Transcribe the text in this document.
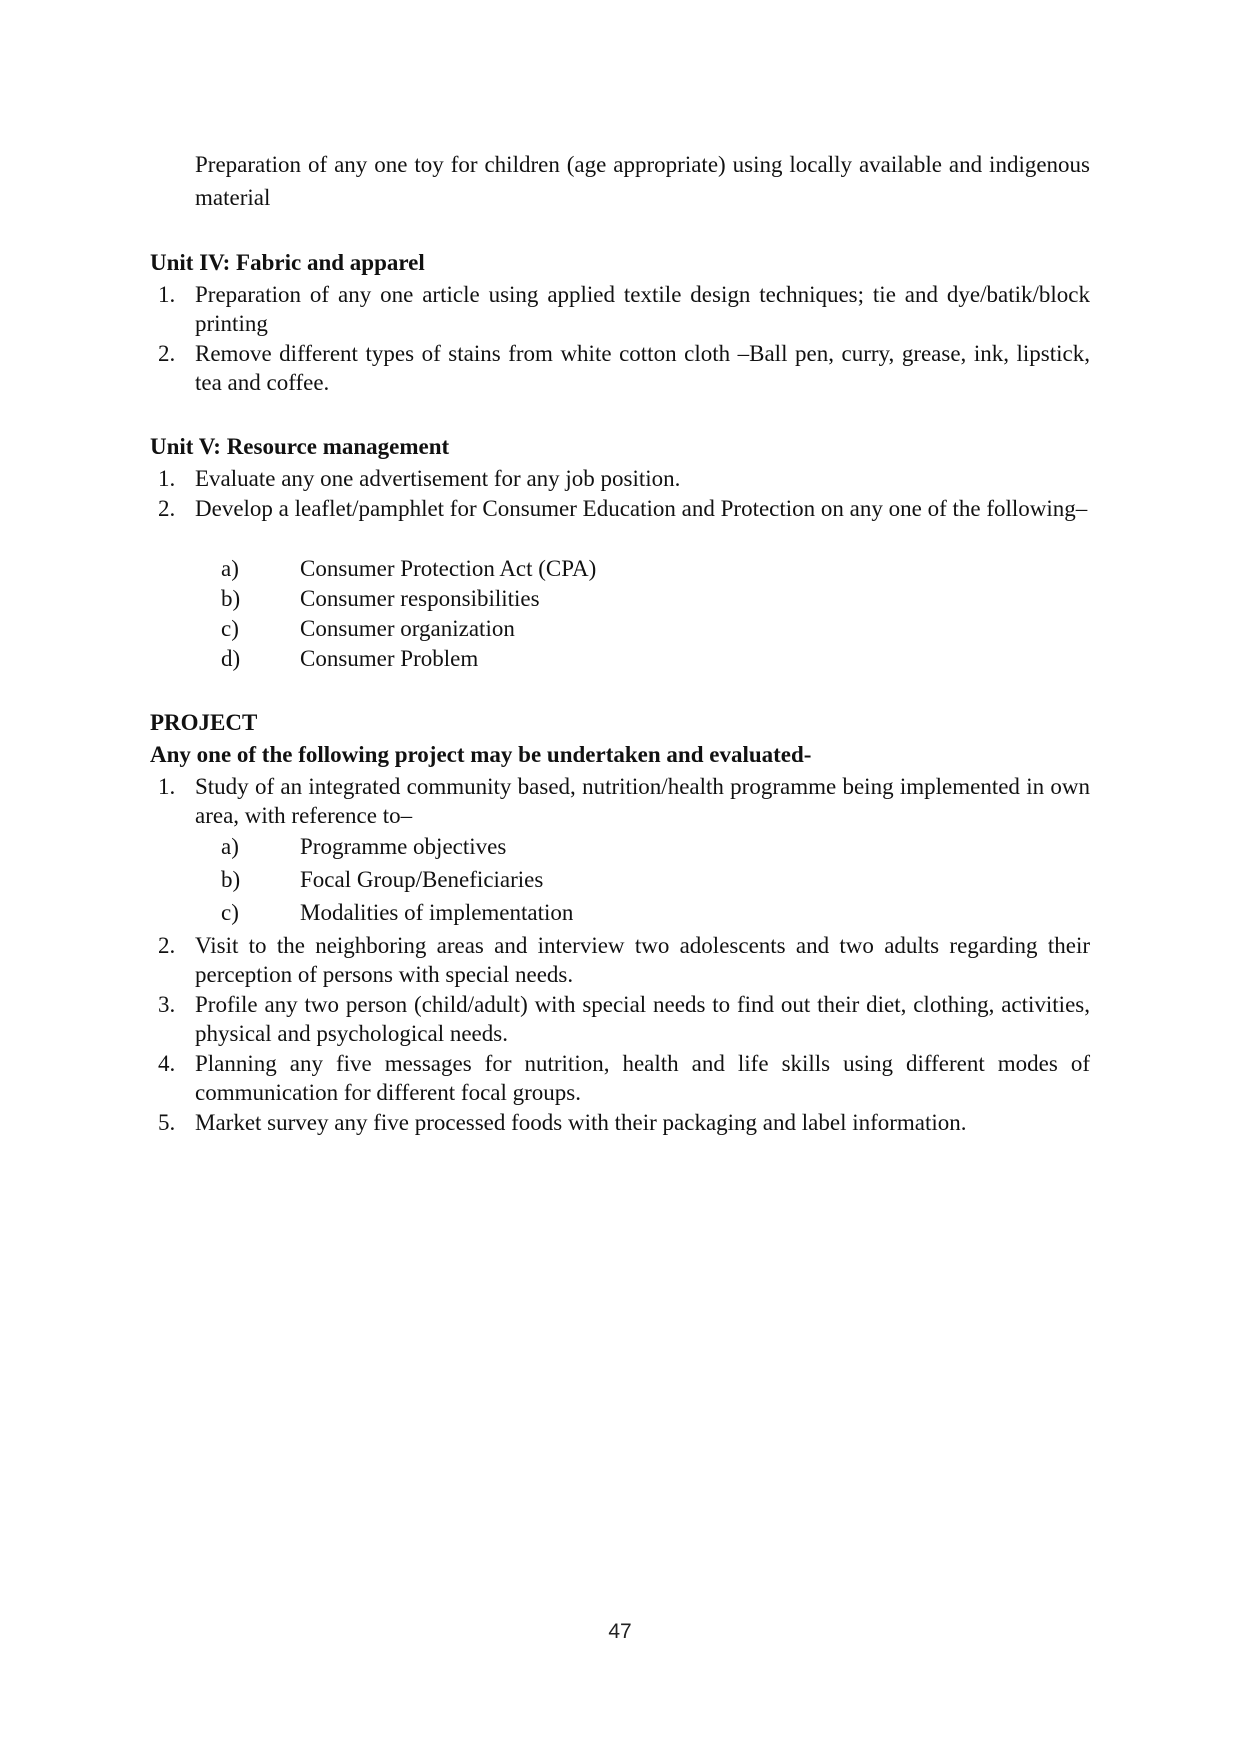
Preparation of any one toy for children (age appropriate) using locally available and indigenous material
Unit IV: Fabric and apparel
1. Preparation of any one article using applied textile design techniques; tie and dye/batik/block printing
2. Remove different types of stains from white cotton cloth –Ball pen, curry, grease, ink, lipstick, tea and coffee.
Unit V: Resource management
1. Evaluate any one advertisement for any job position.
2. Develop a leaflet/pamphlet for Consumer Education and Protection on any one of the following–
a)	Consumer Protection Act (CPA)
b)	Consumer responsibilities
c)	Consumer organization
d)	Consumer Problem
PROJECT
Any one of the following project may be undertaken and evaluated-
1. Study of an integrated community based, nutrition/health programme being implemented in own area, with reference to–
a)	Programme objectives
b)	Focal Group/Beneficiaries
c)	Modalities of implementation
2. Visit to the neighboring areas and interview two adolescents and two adults regarding their perception of persons with special needs.
3. Profile any two person (child/adult) with special needs to find out their diet, clothing, activities, physical and psychological needs.
4. Planning any five messages for nutrition, health and life skills using different modes of communication for different focal groups.
5. Market survey any five processed foods with their packaging and label information.
47
